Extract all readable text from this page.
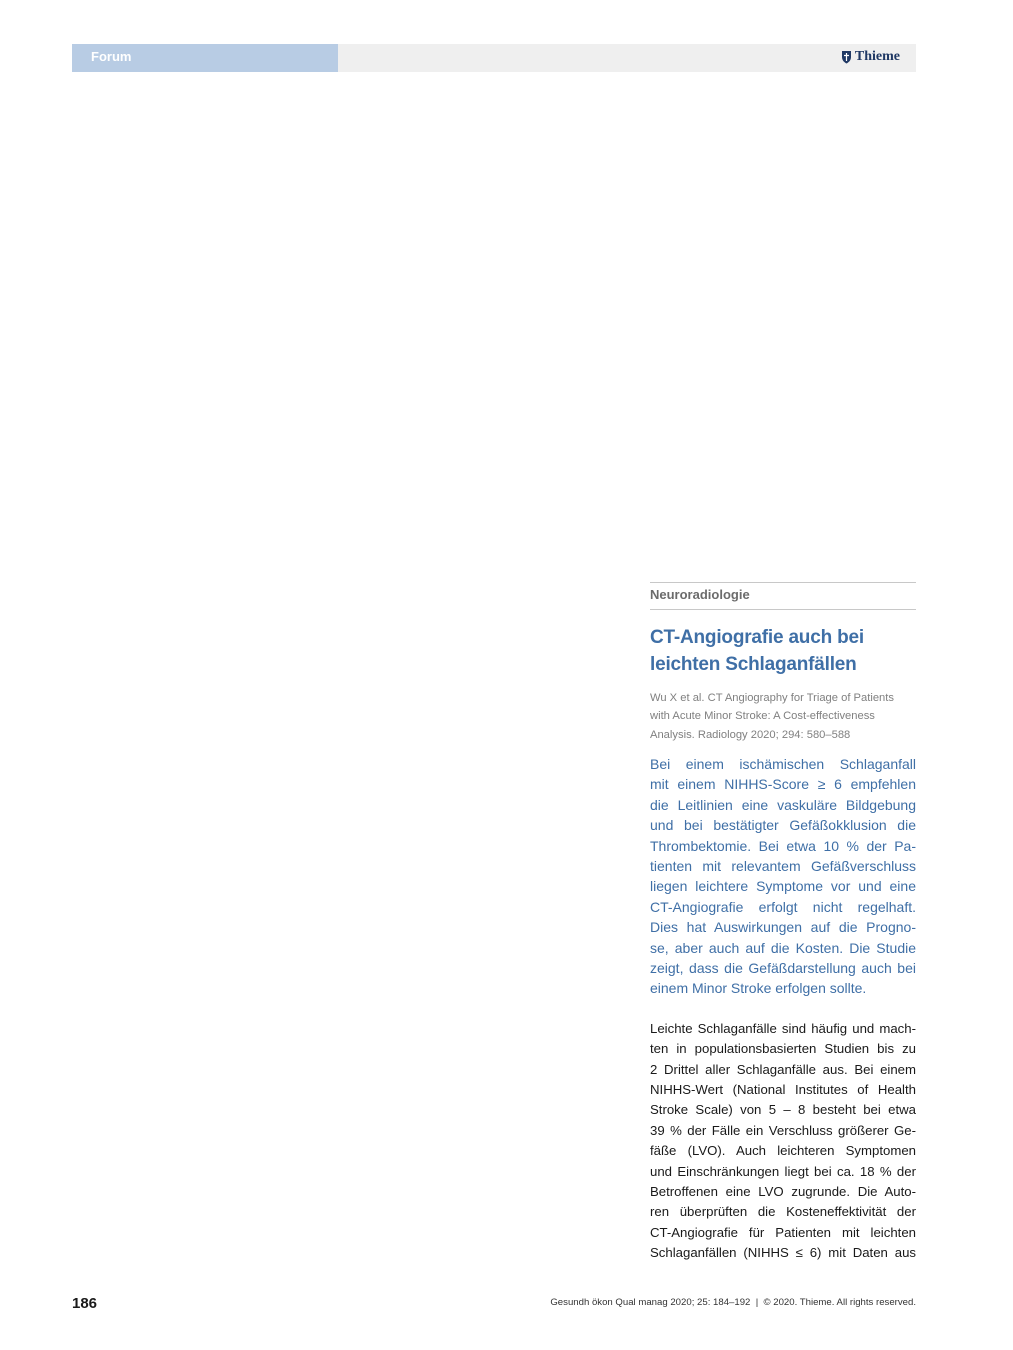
Forum	Thieme
Neuroradiologie
CT-Angiografie auch bei
leichten Schlaganfällen
Wu X et al. CT Angiography for Triage of Patients
with Acute Minor Stroke: A Cost-effectiveness
Analysis. Radiology 2020; 294: 580–588
Bei einem ischämischen Schlaganfall
mit einem NIHHS-Score ≥ 6 empfehlen
die Leitlinien eine vaskuläre Bildgebung
und bei bestätigter Gefäßokklusion die
Thrombektomie. Bei etwa 10 % der Pa-
tienten mit relevantem Gefäßverschluss
liegen leichtere Symptome vor und eine
CT-Angiografie erfolgt nicht regelhaft.
Dies hat Auswirkungen auf die Progno-
se, aber auch auf die Kosten. Die Studie
zeigt, dass die Gefäßdarstellung auch bei
einem Minor Stroke erfolgen sollte.
Leichte Schlaganfälle sind häufig und mach-
ten in populationsbasierten Studien bis zu
2 Drittel aller Schlaganfälle aus. Bei einem
NIHHS-Wert (National Institutes of Health
Stroke Scale) von 5 – 8 besteht bei etwa
39 % der Fälle ein Verschluss größerer Ge-
fäße (LVO). Auch leichteren Symptomen
und Einschränkungen liegt bei ca. 18 % der
Betroffenen eine LVO zugrunde. Die Auto-
ren überprüften die Kosteneffektivität der
CT-Angiografie für Patienten mit leichten
Schlaganfällen (NIHHS ≤ 6) mit Daten aus
186	Gesundh ökon Qual manag 2020; 25: 184–192  |  © 2020. Thieme. All rights reserved.
